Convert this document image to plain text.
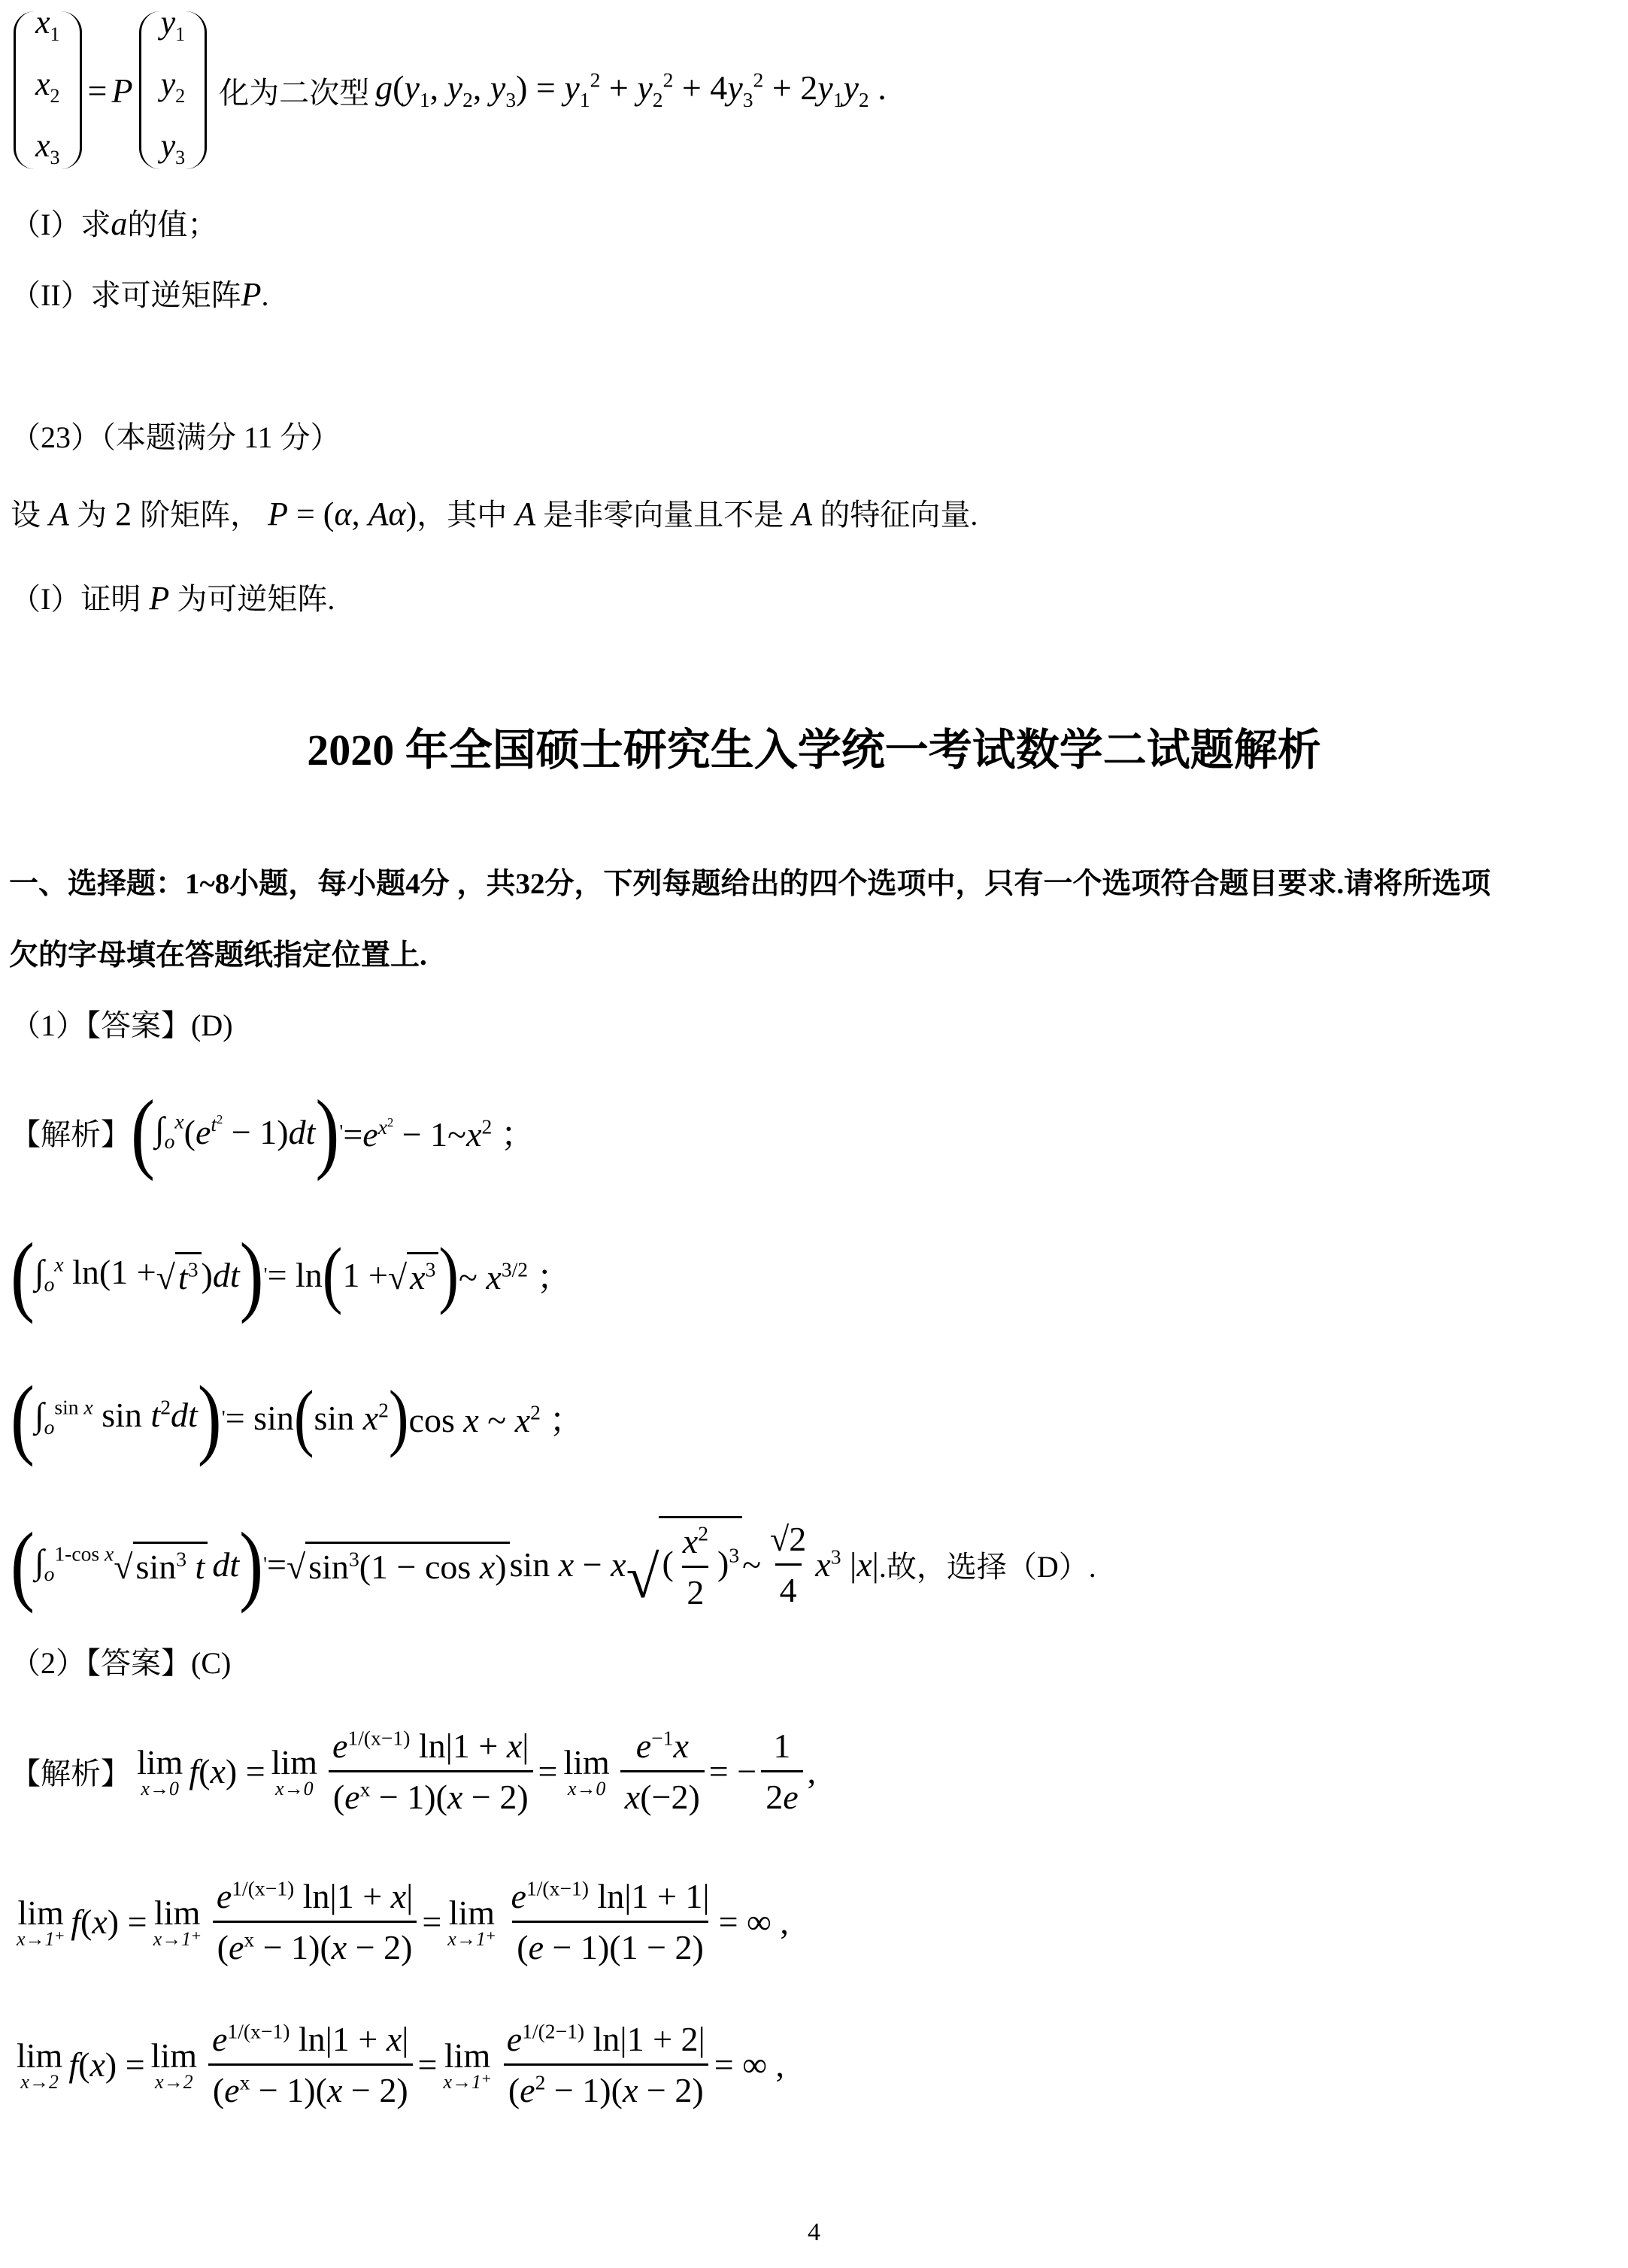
$x_1$
$x_2$
$x_3$
= P
$y_1$
$y_2$
$y_3$
化为二次型 $g(y_1$, $y_2$, $y_3) = y_1^2 + y_2^2 + 4y_3^2 + 2y_1y_2$ .
（I）求a的值；
（II）求可逆矩阵P.
（23）（本题满分 11 分）
设 A 为 2 阶矩阵， P = (α, Aα)，其中 A 是非零向量且不是 A 的特征向量.
（I）证明 P 为可逆矩阵.
2020 年全国硕士研究生入学统一考试数学二试题解析
一、选择题：1~8小题，每小题4分 ，共32分，下列每题给出的四个选项中，只有一个选项符合题目要求.请将所选项
欠的字母填在答题纸指定位置上.
（1）【答案】(D)
【解析】 ( $\int_o^x$ $(e^{t^2} - 1)dt$ ) ' $=e^{x^2}$ − $1\sim x^2$ ；
( $\int_o^x$ ln(1 + √ $t^3$ )dt ) ' = ln ( 1 + √ $x^3$ ) ~ $x^{3/2}$ ；
( $\int_o^{sin x}$ $\sin t^2dt$ ) ' = sin ( $\sin x^2$ ) cos x ~ $x^2$ ；
( $\int_o^{1-cos x}$ √ $\sin^3 t$ dt ) ' = √ $\sin^3(1 - \cos x)$ sin x − x √ ( $\frac{x^2}{2} )^3$ ~ $\frac{√2}{4} x^3$ |x| .故，选择（D）.
（2）【答案】(C)
【解析】 lim
x→0 f(x) = lim
$x\to 0 \frac{e^{1/(x-1)} \ln|1 + x|}{(e^x - 1)(x - 2)} = \lim$
$x\to 0 \frac{e^{-1}x}{x(-2)}$ = − $\frac{1}{2e}$ ,
lim
x→1⁺ f(x) = lim
$x\to 1^+ \frac{e^{1/(x-1)} \ln|1 + x|}{(e^x - 1)(x - 2)} = \lim$
$x\to 1^+ \frac{e^{1/(x-1)} \ln|1 + 1|}{(e - 1)(1 - 2)}$ = ∞ ,
lim
x→2 f(x) = lim
$x\to 2 \frac{e^{1/(x-1)} \ln|1 + x|}{(e^x - 1)(x - 2)} = \lim$
$x\to 1^+ \frac{e^{1/(2-1)} \ln|1 + 2|}{(e^2 - 1)(x - 2)}$ = ∞ ,
4
